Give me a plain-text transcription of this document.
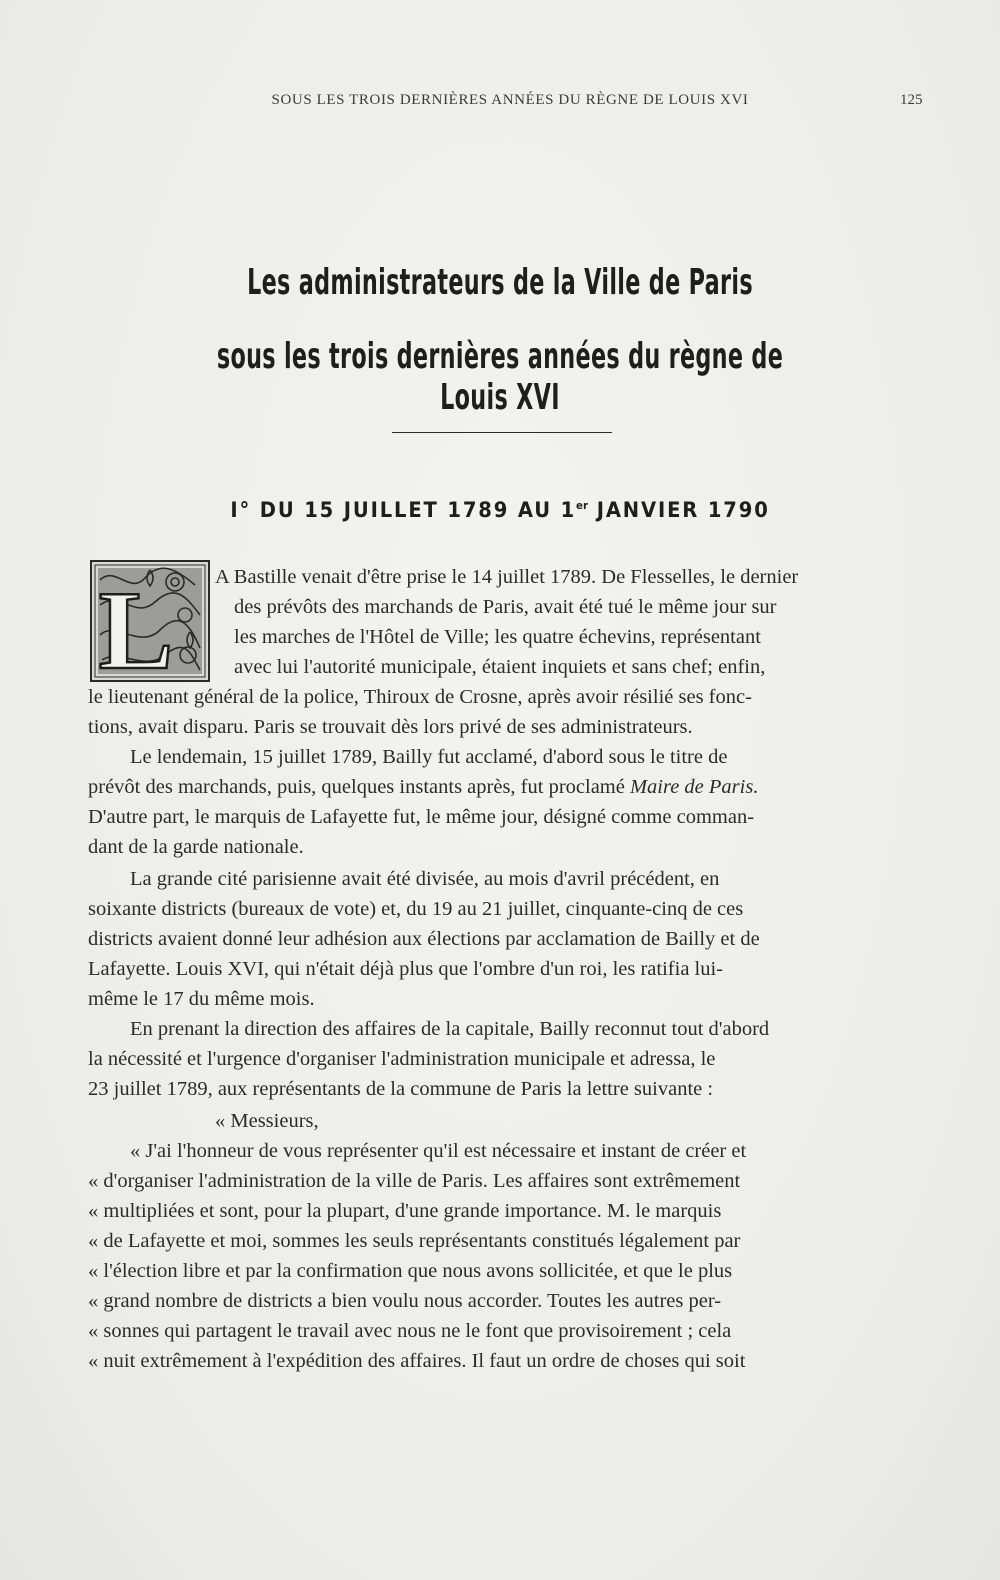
SOUS LES TROIS DERNIÈRES ANNÉES DU RÈGNE DE LOUIS XVI	125
Les administrateurs de la Ville de Paris
sous les trois dernières années du règne de Louis XVI
I° DU 15 JUILLET 1789 AU 1er JANVIER 1790
L A Bastille venait d'être prise le 14 juillet 1789. De Flesselles, le dernier
des prévôts des marchands de Paris, avait été tué le même jour sur
les marches de l'Hôtel de Ville; les quatre échevins, représentant
avec lui l'autorité municipale, étaient inquiets et sans chef; enfin,
le lieutenant général de la police, Thiroux de Crosne, après avoir résilié ses fonc-
tions, avait disparu. Paris se trouvait dès lors privé de ses administrateurs.
Le lendemain, 15 juillet 1789, Bailly fut acclamé, d'abord sous le titre de
prévôt des marchands, puis, quelques instants après, fut proclamé Maire de Paris.
D'autre part, le marquis de Lafayette fut, le même jour, désigné comme comman-
dant de la garde nationale.
La grande cité parisienne avait été divisée, au mois d'avril précédent, en
soixante districts (bureaux de vote) et, du 19 au 21 juillet, cinquante-cinq de ces
districts avaient donné leur adhésion aux élections par acclamation de Bailly et de
Lafayette. Louis XVI, qui n'était déjà plus que l'ombre d'un roi, les ratifia lui-
même le 17 du même mois.
En prenant la direction des affaires de la capitale, Bailly reconnut tout d'abord
la nécessité et l'urgence d'organiser l'administration municipale et adressa, le
23 juillet 1789, aux représentants de la commune de Paris la lettre suivante :
« Messieurs,
« J'ai l'honneur de vous représenter qu'il est nécessaire et instant de créer et
« d'organiser l'administration de la ville de Paris. Les affaires sont extrêmement
« multipliées et sont, pour la plupart, d'une grande importance. M. le marquis
« de Lafayette et moi, sommes les seuls représentants constitués légalement par
« l'élection libre et par la confirmation que nous avons sollicitée, et que le plus
« grand nombre de districts a bien voulu nous accorder. Toutes les autres per-
« sonnes qui partagent le travail avec nous ne le font que provisoirement ; cela
« nuit extrêmement à l'expédition des affaires. Il faut un ordre de choses qui soit
